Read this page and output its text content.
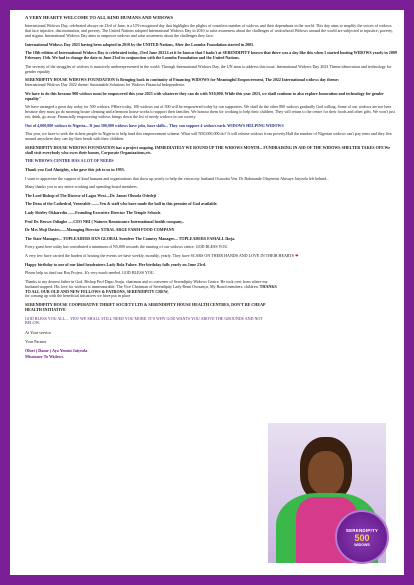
A VERY HEARTY WELCOME TO ALL KIND HUMANS AND WIDOWS

International Widows Day, celebrated always on 23rd of June, is a UN-recognised day that highlights the plights of countless number of widows and their dependants in the world. This day aims to amplify the voices of widows that face injustice, discrimination, and poverty. The United Nations adopted International Widows Day in 2010 to raise awareness about the challenges of widowhood.Widows around the world are subjected to injustice, poverty, and stigma. International Widows Day aims to empower widows and raise awareness about the challenges they face.

International Widows Day 2023 having been adopted in 2010 by the UNITED Nations, After the Loomba Foundation started in 2005.

The 18th edition of International Widows Day is celebrated today, 23rd June 2023.Let it be known that I hadn't at SERENDIPITY known that there was a day like this when I started hosting WIDOWS yearly in 2009 February 13th. We had to change the date to June 23rd in conjunction with the Loomba Foundation and the United Nations.

The severity of the struggles of widows is massively underrepresented in the world. Through International Widows Day, the UN aims to address this issue. International Widows Day 2023 Theme tdmovation and technology for gender equality

SERENDIPITY HOUSE WIDOWS FOUNDATION Is Bringing back in continuity of Financing WIDOWS for Meaningful Empowerment, The 2022 International widows day theme:
International Widows Day 2022 theme: Sustainable Solutions for Widows Financial Independence.

We have to do this because 900 widows must be empowered this year 2023 with whatever they can do with N10,000. While this year 2023, we shall continue to also explore Innovation and technology for gender equality"

We have arranged a great day today for 500 widows. PHere today, 100 widows out of 500 will be empowered today by our supporters. We shall do the other 800 widows gradually God willing. Some of our widows are not here because they must go do morning house cleaning and afternoon house works to support their families. We honour them for working to help their children. They will return to the centre for their foods and other gifts. We won't just eat, drink, go away. Financially empowering widows brings down the list of needy widows in our society.

Out of 4,000,000 widows in Nigeria... If just 500,000 widows have jobs, have skills... They can support 4 widows each. WIDOWS HELPING WIDOWS

This year, we have to seek the richest people in Nigeria to help fund this empowerment scheme. What will N50,000,000 do? It will release widows from poverty.Half the number of Nigerian widows can't pay rents and they live around anywhere they can lay their heads with their children.

SERENDIPITY HOUSE WIDOWS FOUNDATION has a project ongoing. IMMEDIATELY WE ROUND UP THE WIDOWS MONTH... FUNDRAISING IN AID OF THE WIDOWS SHELTER TAKES OFF.We shall visit everybody who owes their homes, Corporate Organizations,etc.

THE WIDOWS CENTRE HAS A LOT OF NEEDS

Thank you God Almighty, who gave this job to us in 1995.

I want to appreciate the support of kind humans and organisations that show up yearly to help the vision my husband Osuoobu Ven. Dr Babatunde Olayemisi Abisuye Jaiyeola left behind...

Many thanks you to my entire working and spending board members.

The Lord Bishop of The Diocese of Lagos West....Dr. James Olusola Odedeji

The Dean of the Cathedral, Venerable ........Ven & staff who have made the hall in this premise of God available.

Lady Shirley Okharedia .......Founding Executive Director The Temple Schools

Prof Dr. Brown Odiaghe .....CEO NRI ( Natures Renaissance International health company..

Dr Mrs Moji Davies.......Managing Director XTRAL ARGE FARM FOOD COMPANY

The State Manager.... TOPLEADERS DXN GLOBAL Surulere The Country Manager.... TOPLEADERS FAMALL Ikeja.

Every guest here today has contributed a minimum of N5,000 towards the running of our widows centre. GOD BLESS YOU.

A very few have carried the burden of hosting the events we have weekly, monthly, yearly. They have SCARS ON THEIR HANDS AND LOVE IN THEIR HEARTS ❤

Happy birthday to one of our kind headraisers Lady Bola Falore. Her birthday falls yearly on June 23rd.

Please help us fund our Bus Project. It's very much needed. GOD BLESS YOU.

Thanks to my dearest father in God, Bishop Prof Dapo Asaju, chairman and co convener of Serendipity Widows Centre. He took over from where my husband stopped. His love for widows is immeasurable. The Vice Chairman of Serendipity Lady Remi Ososanya, My Board members, children. THANKS TO ALL OUR OLD AND NEW FELLOWS & PATRONS, SERENDIPITY CREW,
for coming up with the beneficial initiatives we have put in place

SERENDIPITY HOUSE COOPERATIVE THRIFT SOCIETY LTD & SERENDIPITY HOUSE HEALTH CENTRES, DON'T BE CHEAP HEALTH INITIATIVE

GOD BLESS YOU ALL.... YES! WE SHALL STILL NEED YOU MORE. IT'S WHY GOD WANTS YOU ABOVE THE GROUNDS AND NOT BELOW.

At Your service

Your Partner

Oluri ( Dame ) Ayo Yemisi Jaiyeola

Missioner To Widows

SERENDIPITY
500
WIDOWS
